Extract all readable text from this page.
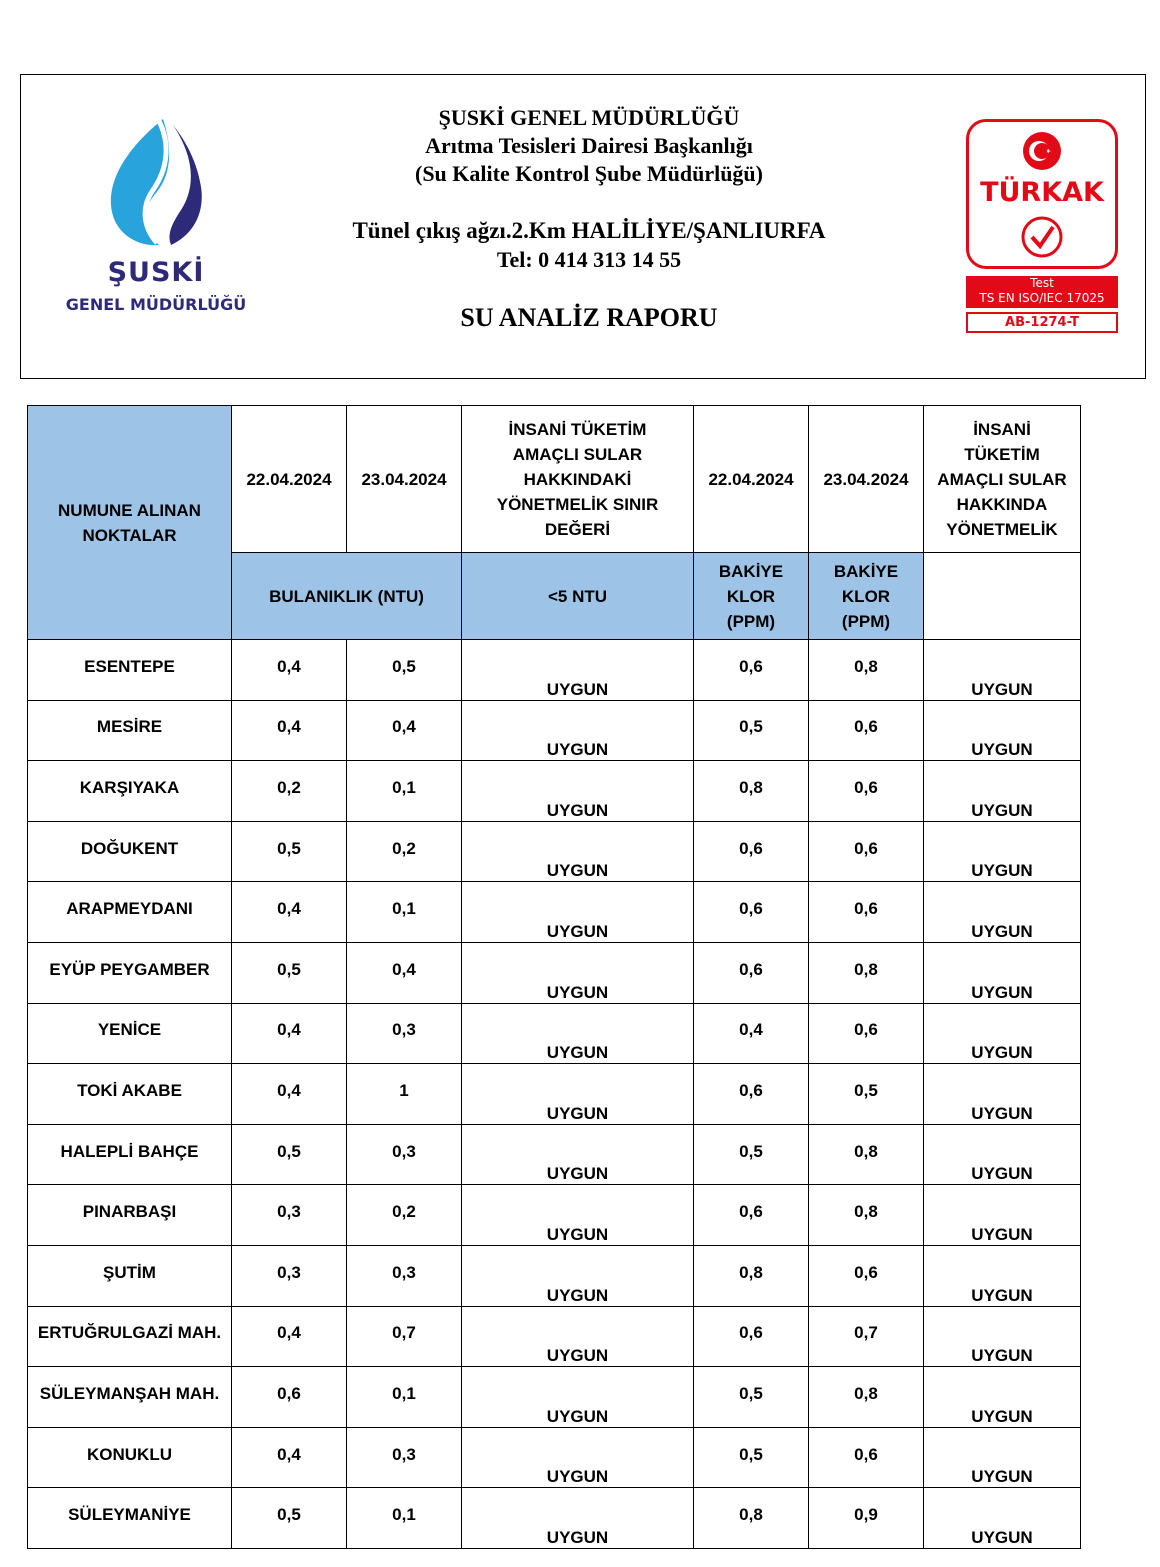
ŞUSKİ
GENEL MÜDÜRLÜĞÜ
ŞUSKİ GENEL MÜDÜRLÜĞÜ
Arıtma Tesisleri Dairesi Başkanlığı
(Su Kalite Kontrol Şube Müdürlüğü)
Tünel çıkış ağzı.2.Km HALİLİYE/ŞANLIURFA
Tel: 0 414 313 14 55
SU ANALİZ RAPORU
TÜRKAK
Test
TS EN ISO/IEC 17025
AB-1274-T
NUMUNE ALINAN NOKTALAR	22.04.2024	23.04.2024	İNSANİ TÜKETİM AMAÇLI SULAR HAKKINDAKİ YÖNETMELİK SINIR DEĞERİ	22.04.2024	23.04.2024	İNSANİ TÜKETİM AMAÇLI SULAR HAKKINDA YÖNETMELİK

	BULANIKLIK (NTU)		<5 NTU	BAKİYE KLOR (PPM)	BAKİYE KLOR (PPM)	

ESENTEPE	0,4	0,5	UYGUN	0,6	0,8	UYGUN
MESİRE	0,4	0,4	UYGUN	0,5	0,6	UYGUN
KARŞIYAKA	0,2	0,1	UYGUN	0,8	0,6	UYGUN
DOĞUKENT	0,5	0,2	UYGUN	0,6	0,6	UYGUN
ARAPMEYDANI	0,4	0,1	UYGUN	0,6	0,6	UYGUN
EYÜP PEYGAMBER	0,5	0,4	UYGUN	0,6	0,8	UYGUN
YENİCE	0,4	0,3	UYGUN	0,4	0,6	UYGUN
TOKİ AKABE	0,4	1	UYGUN	0,6	0,5	UYGUN
HALEPLİ BAHÇE	0,5	0,3	UYGUN	0,5	0,8	UYGUN
PINARBAŞI	0,3	0,2	UYGUN	0,6	0,8	UYGUN
ŞUTİM	0,3	0,3	UYGUN	0,8	0,6	UYGUN
ERTUĞRULGAZİ MAH.	0,4	0,7	UYGUN	0,6	0,7	UYGUN
SÜLEYMANŞAH MAH.	0,6	0,1	UYGUN	0,5	0,8	UYGUN
KONUKLU	0,4	0,3	UYGUN	0,5	0,6	UYGUN
SÜLEYMANİYE	0,5	0,1	UYGUN	0,8	0,9	UYGUN
